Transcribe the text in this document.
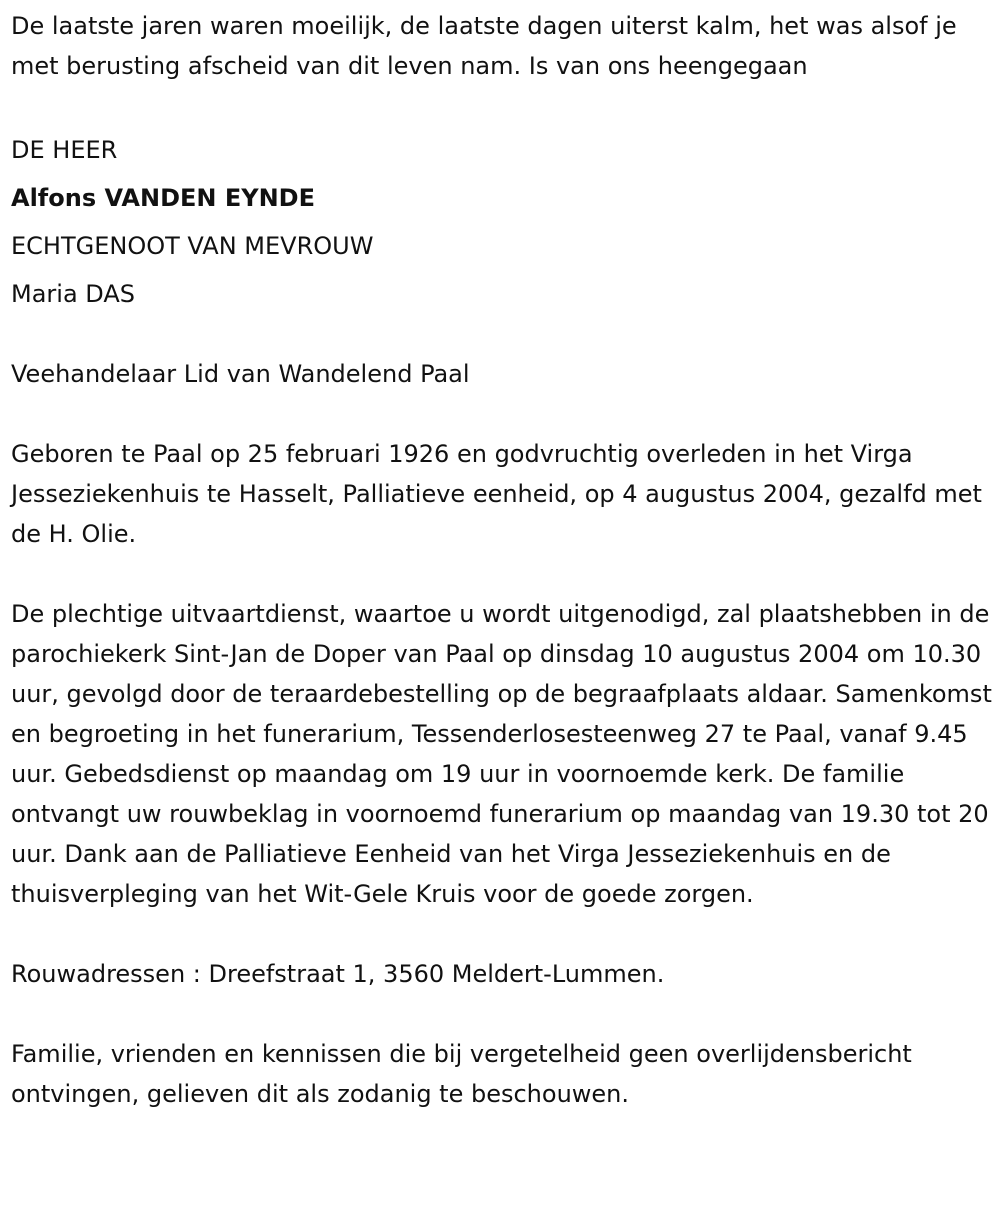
De laatste jaren waren moeilijk, de laatste dagen uiterst kalm, het was alsof je met berusting afscheid van dit leven nam. Is van ons heengegaan

DE HEER
Alfons VANDEN EYNDE
ECHTGENOOT VAN MEVROUW
Maria DAS

Veehandelaar Lid van Wandelend Paal

Geboren te Paal op 25 februari 1926 en godvruchtig overleden in het Virga Jesseziekenhuis te Hasselt, Palliatieve eenheid, op 4 augustus 2004, gezalfd met de H. Olie.

De plechtige uitvaartdienst, waartoe u wordt uitgenodigd, zal plaatshebben in de parochiekerk Sint-Jan de Doper van Paal op dinsdag 10 augustus 2004 om 10.30 uur, gevolgd door de teraardebestelling op de begraafplaats aldaar. Samenkomst en begroeting in het funerarium, Tessenderlosesteenweg 27 te Paal, vanaf 9.45 uur. Gebedsdienst op maandag om 19 uur in voornoemde kerk. De familie ontvangt uw rouwbeklag in voornoemd funerarium op maandag van 19.30 tot 20 uur. Dank aan de Palliatieve Eenheid van het Virga Jesseziekenhuis en de thuisverpleging van het Wit-Gele Kruis voor de goede zorgen.

Rouwadressen : Dreefstraat 1, 3560 Meldert-Lummen.

Familie, vrienden en kennissen die bij vergetelheid geen overlijdensbericht ontvingen, gelieven dit als zodanig te beschouwen.
